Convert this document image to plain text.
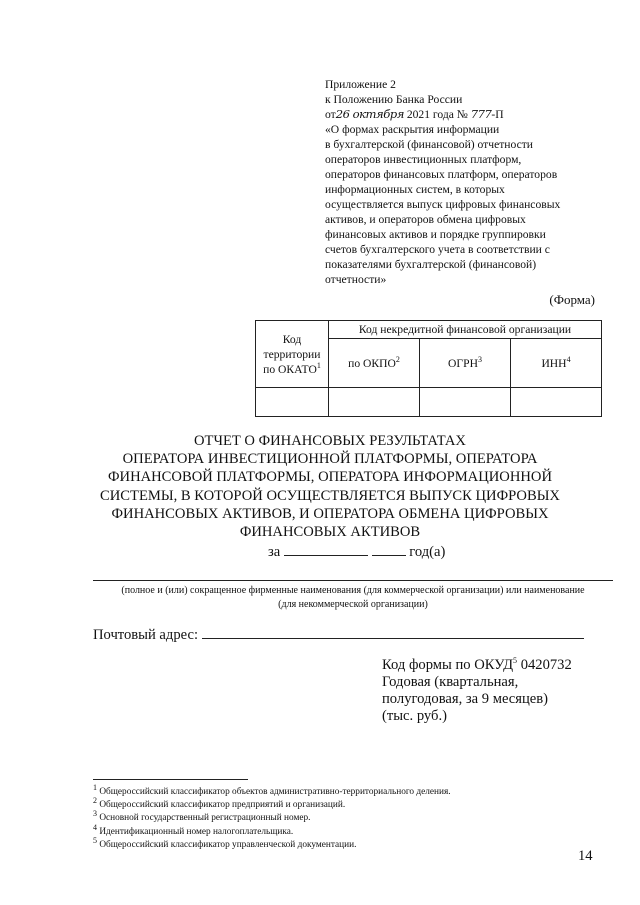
Приложение 2
к Положению Банка России
от26 октября 2021 года № 777-П
«О формах раскрытия информации
в бухгалтерской (финансовой) отчетности
операторов инвестиционных платформ,
операторов финансовых платформ, операторов
информационных систем, в которых
осуществляется выпуск цифровых финансовых
активов, и операторов обмена цифровых
финансовых активов и порядке группировки
счетов бухгалтерского учета в соответствии с
показателями бухгалтерской (финансовой)
отчетности»
(Форма)
Код территории по ОКАТО$^1$	Код некредитной финансовой организации		
	по ОКПО$^2$	ОГРН$^3$	ИНН$^4$

ОТЧЕТ О ФИНАНСОВЫХ РЕЗУЛЬТАТАХ
ОПЕРАТОРА ИНВЕСТИЦИОННОЙ ПЛАТФОРМЫ, ОПЕРАТОРА
ФИНАНСОВОЙ ПЛАТФОРМЫ, ОПЕРАТОРА ИНФОРМАЦИОННОЙ
СИСТЕМЫ, В КОТОРОЙ ОСУЩЕСТВЛЯЕТСЯ ВЫПУСК ЦИФРОВЫХ
ФИНАНСОВЫХ АКТИВОВ, И ОПЕРАТОРА ОБМЕНА ЦИФРОВЫХ
ФИНАНСОВЫХ АКТИВОВ
за	год(а)
(полное и (или) сокращенное фирменные наименования (для коммерческой организации) или наименование
(для некоммерческой организации)
Почтовый адрес:
Код формы по ОКУД$^5$ 0420732
Годовая (квартальная,
полугодовая, за 9 месяцев)
(тыс. руб.)
$^1$ Общероссийский классификатор объектов административно-территориального деления.
$^2$ Общероссийский классификатор предприятий и организаций.
$^3$ Основной государственный регистрационный номер.
$^4$ Идентификационный номер налогоплательщика.
$^5$ Общероссийский классификатор управленческой документации.
14
